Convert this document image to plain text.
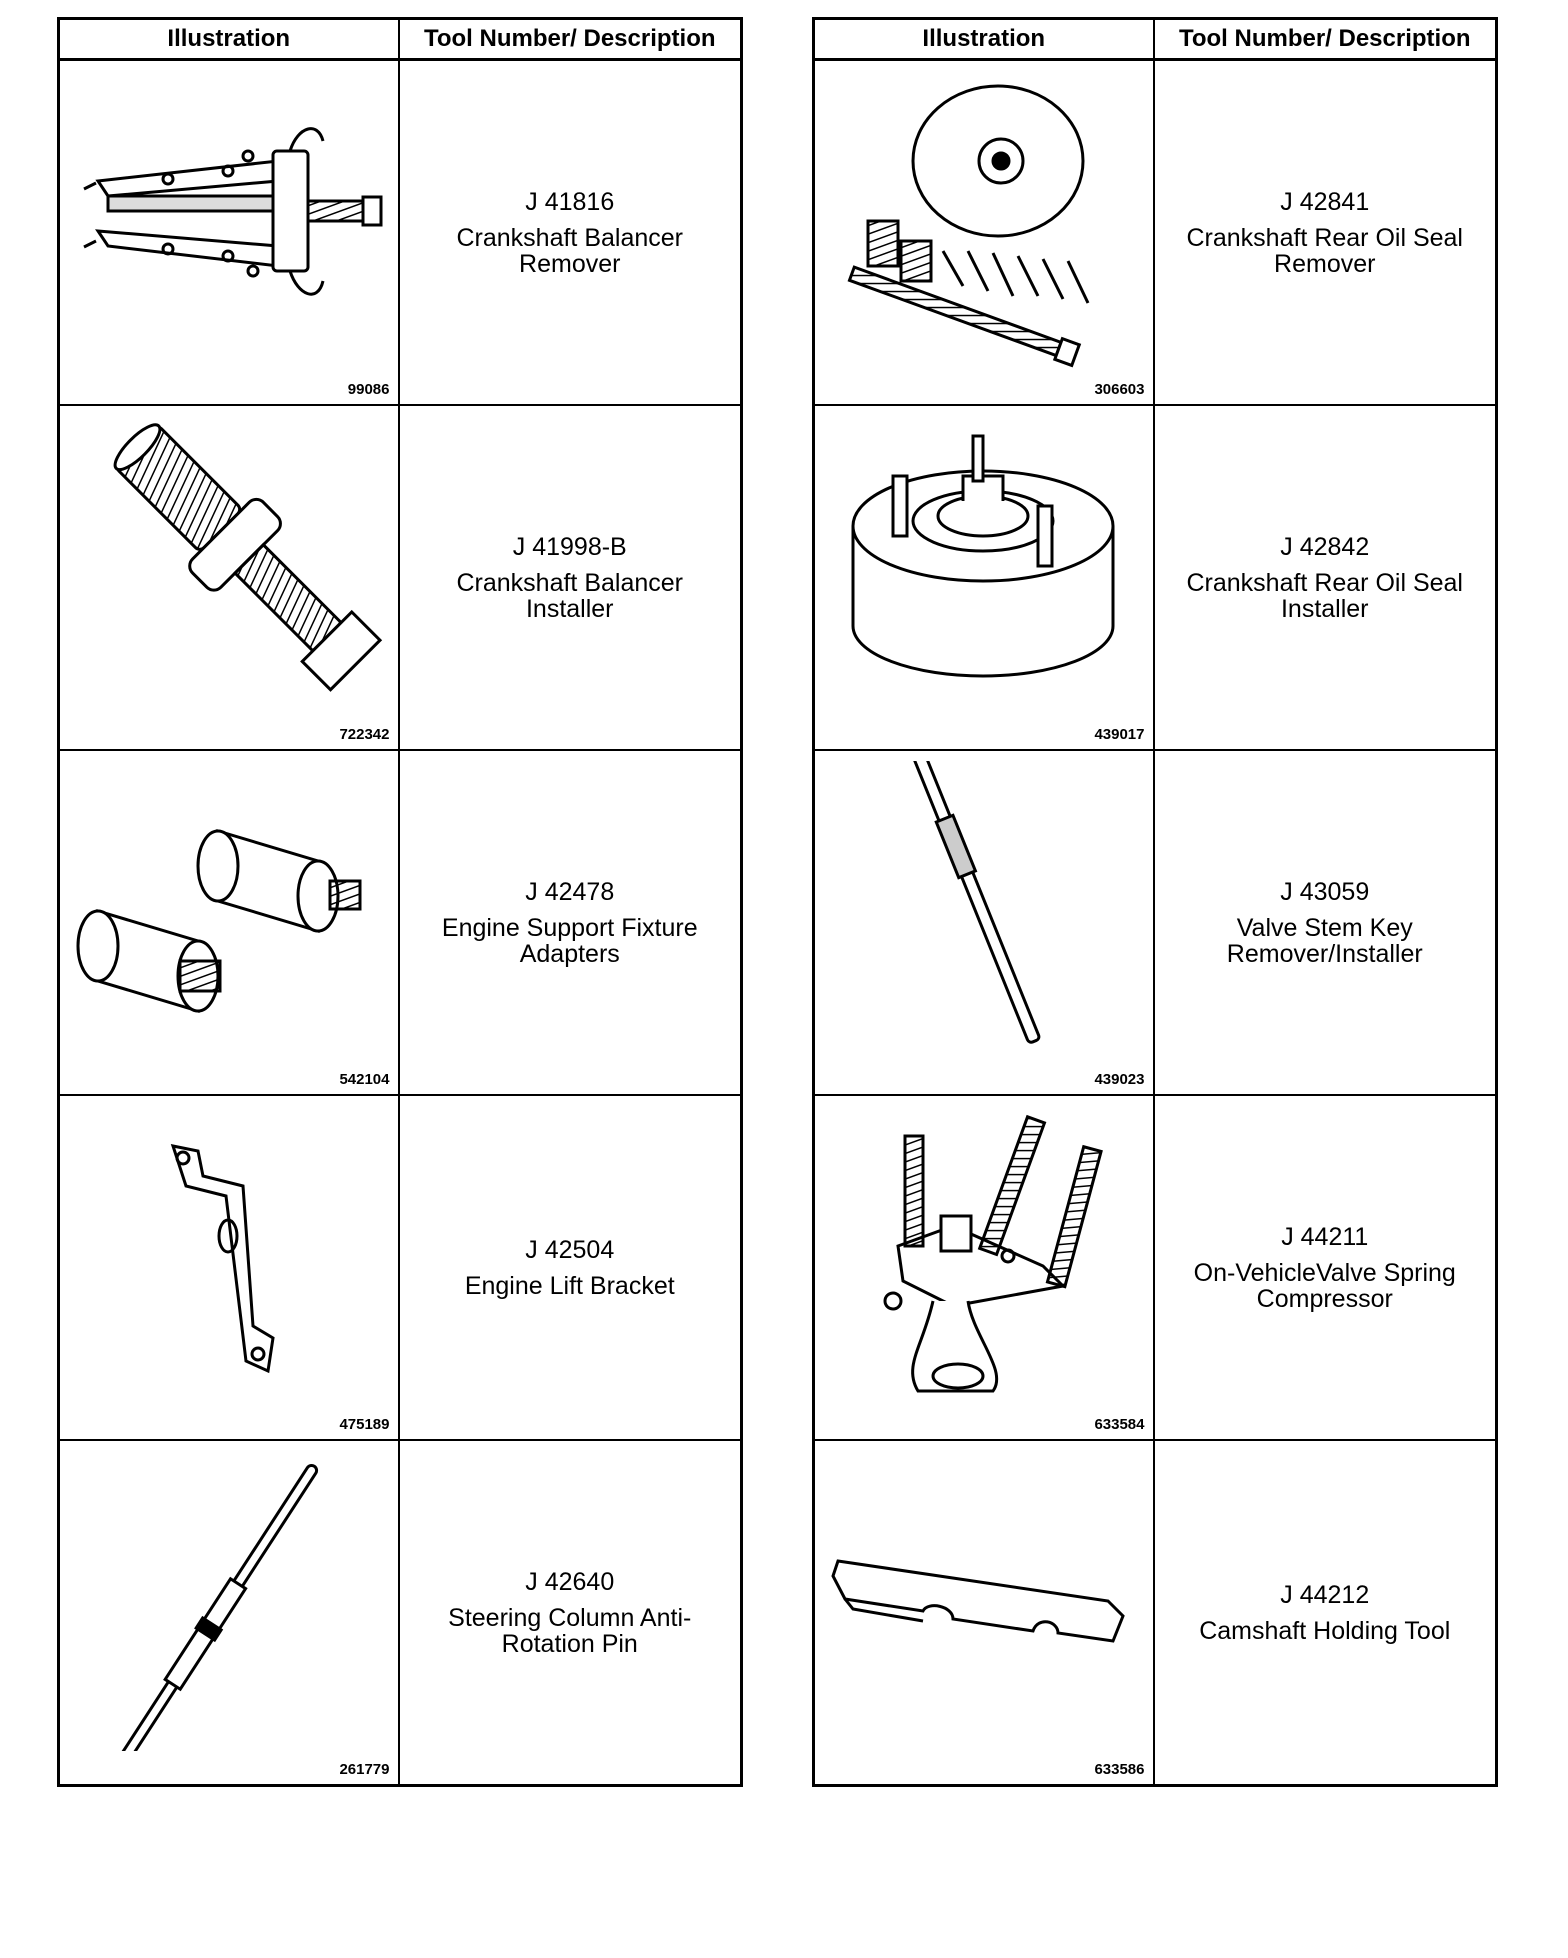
Illustration	Tool Number/ Description

99086	J 41816
Crankshaft Balancer Remover

722342	J 41998-B
Crankshaft Balancer Installer

542104	J 42478
Engine Support Fixture Adapters

475189	J 42504
Engine Lift Bracket

261779	J 42640
Steering Column Anti-Rotation Pin
Illustration	Tool Number/ Description

306603	J 42841
Crankshaft Rear Oil Seal Remover

439017	J 42842
Crankshaft Rear Oil Seal Installer

439023	J 43059
Valve Stem Key Remover/Installer

633584	J 44211
On-VehicleValve Spring Compressor

633586	J 44212
Camshaft Holding Tool
